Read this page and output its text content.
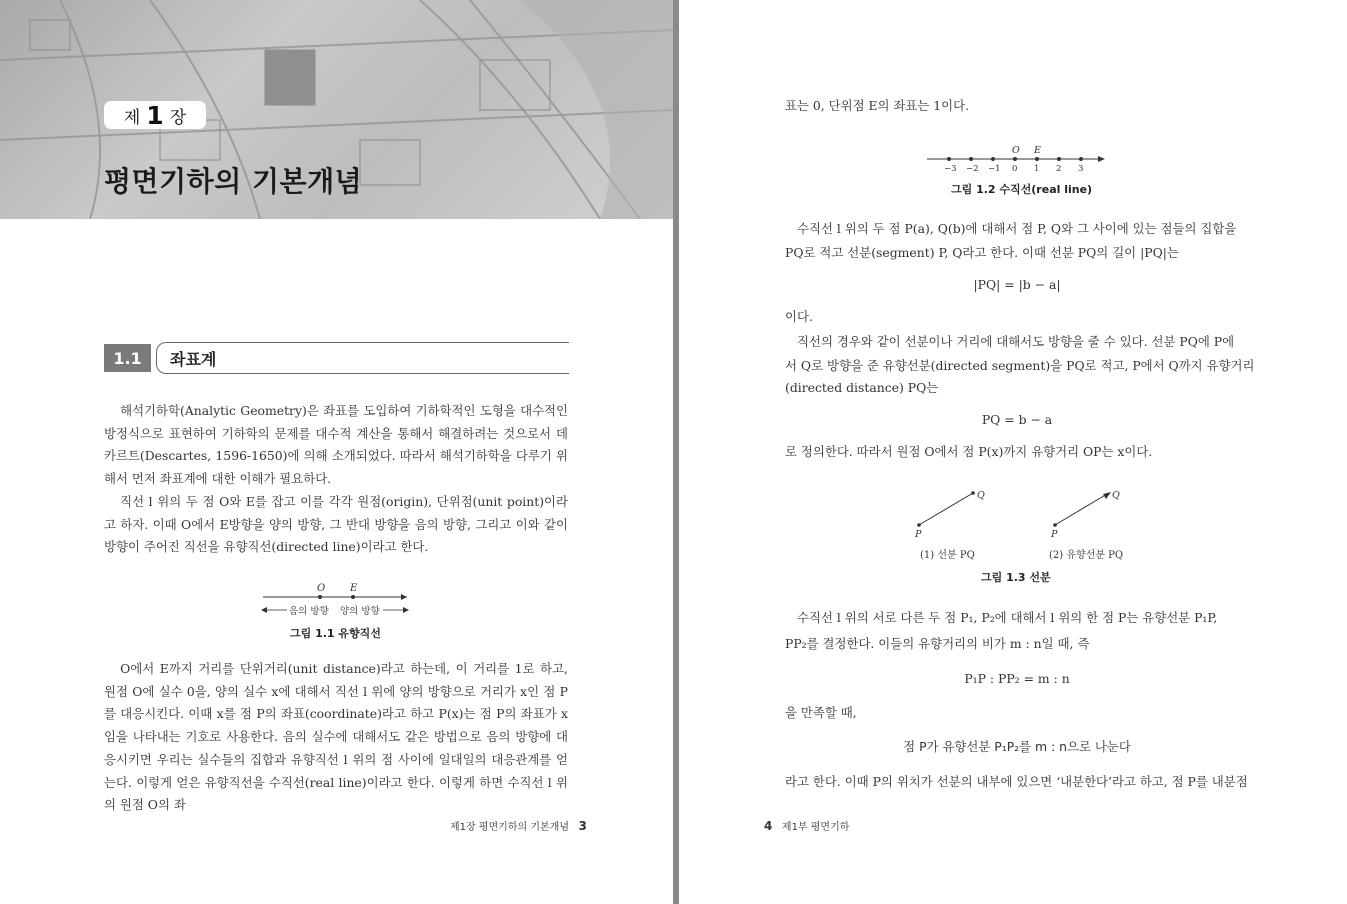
제 1 장
평면기하의 기본개념
1.1	좌표계

해석기하학(Analytic Geometry)은 좌표를 도입하여 기하학적인 도형을 대수적인 방정식으로 표현하여 기하학의 문제를 대수적 계산을 통해서 해결하려는 것으로서 데카르트(Descartes, 1596-1650)에 의해 소개되었다. 따라서 해석기하학을 다루기 위해서 먼저 좌표계에 대한 이해가 필요하다.

직선 l 위의 두 점 O와 E를 잡고 이를 각각 원점(origin), 단위점(unit point)이라고 하자. 이때 O에서 E방향을 양의 방향, 그 반대 방향을 음의 방향, 그리고 이와 같이 방향이 주어진 직선을 유향직선(directed line)이라고 한다.

O E
음의 방향 양의 방향
그림 1.1 유향직선

O에서 E까지 거리를 단위거리(unit distance)라고 하는데, 이 거리를 1로 하고, 원점 O에 실수 0을, 양의 실수 x에 대해서 직선 l 위에 양의 방향으로 거리가 x인 점 P를 대응시킨다. 이때 x를 점 P의 좌표(coordinate)라고 하고 P(x)는 점 P의 좌표가 x임을 나타내는 기호로 사용한다. 음의 실수에 대해서도 같은 방법으로 음의 방향에 대응시키면 우리는 실수들의 집합과 유향직선 l 위의 점 사이에 일대일의 대응관계를 얻는다. 이렇게 얻은 유향직선을 수직선(real line)이라고 한다. 이렇게 하면 수직선 l 위의 원점 O의 좌

제1장 평면기하의 기본개념 3
표는 0, 단위점 E의 좌표는 1이다.
O E
−3 −2 −1 0 1 2 3
그림 1.2 수직선(real line)
수직선 l 위의 두 점 P(a), Q(b)에 대해서 점 P, Q와 그 사이에 있는 점들의 집합을
PQ로 적고 선분(segment) P, Q라고 한다. 이때 선분 PQ의 길이 |PQ|는
|PQ| = |b − a|
이다.
직선의 경우와 같이 선분이나 거리에 대해서도 방향을 줄 수 있다. 선분 PQ에 P에
서 Q로 방향을 준 유향선분(directed segment)을 PQ로 적고, P에서 Q까지 유향거리
(directed distance) PQ는
PQ = b − a
로 정의한다. 따라서 원점 O에서 점 P(x)까지 유향거리 OP는 x이다.
P
Q
P
Q
(1) 선분 PQ	(2) 유향선분 PQ
그림 1.3 선분
수직선 l 위의 서로 다른 두 점 P₁, P₂에 대해서 l 위의 한 점 P는 유향선분 P₁P,
PP₂를 결정한다. 이들의 유향거리의 비가 m : n일 때, 즉
P₁P : PP₂ = m : n
을 만족할 때,
점 P가 유향선분 P₁P₂를 m : n으로 나눈다
라고 한다. 이때 P의 위치가 선분의 내부에 있으면 ‘내분한다’라고 하고, 점 P를 내분점
4 제1부 평면기하
